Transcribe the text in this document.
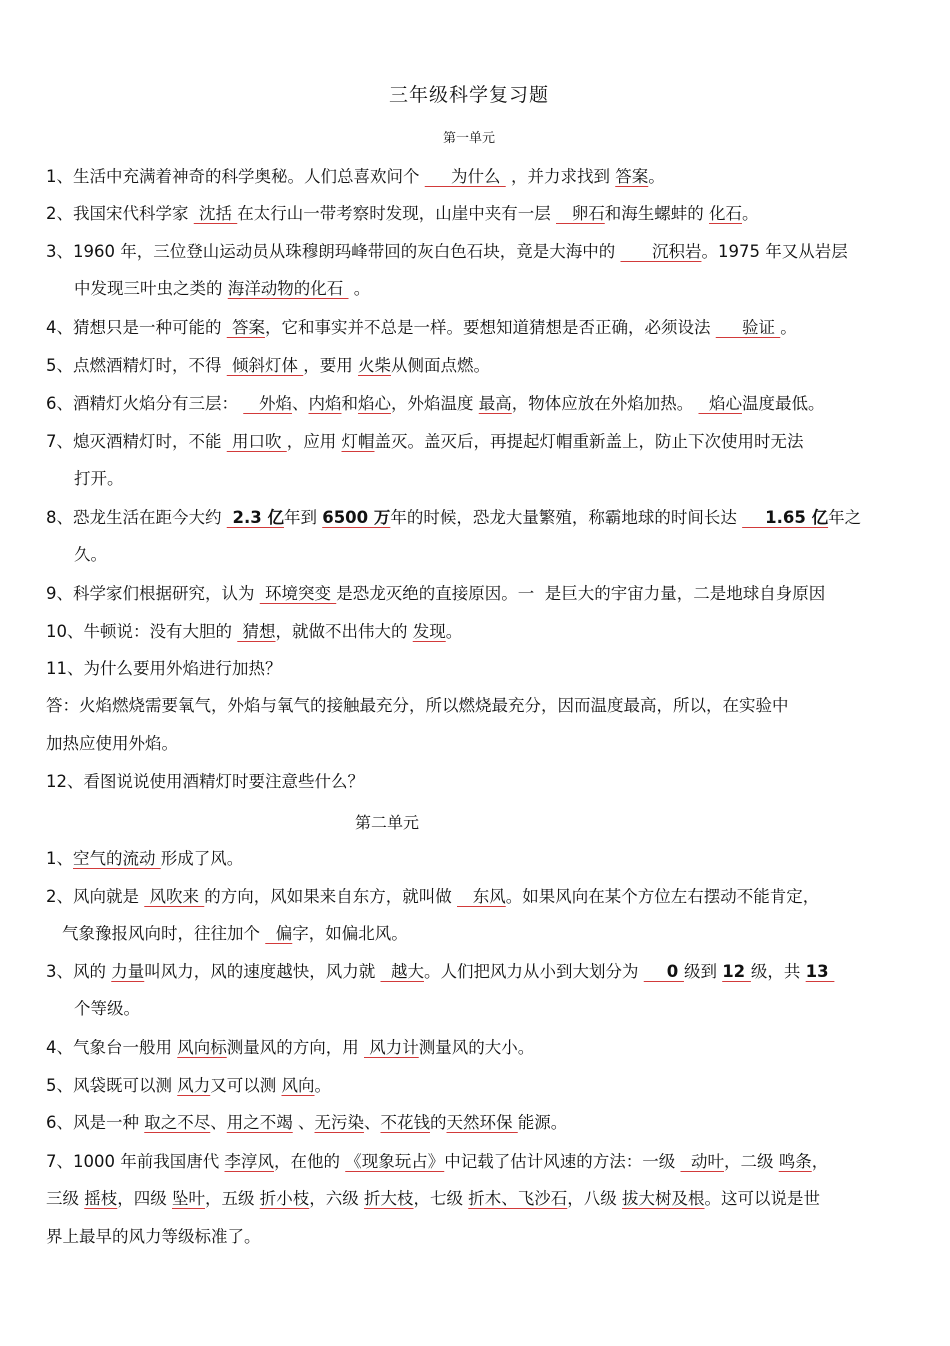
三年级科学复习题
第一单元
第二单元
1、生活中充满着神奇的科学奥秘。人们总喜欢问个      为什么  ，并力求找到 答案。
2、我国宋代科学家  沈括 在太行山一带考察时发现，山崖中夹有一层    卵石和海生螺蚌的 化石。
3、1960 年，三位登山运动员从珠穆朗玛峰带回的灰白色石块，竟是大海中的       沉积岩。1975 年又从岩层
中发现三叶虫之类的 海洋动物的化石  。
4、猜想只是一种可能的  答案，它和事实并不总是一样。要想知道猜想是否正确，必须设法      验证 。
5、点燃酒精灯时，不得  倾斜灯体 ，要用 火柴从侧面点燃。
6、酒精灯火焰分有三层：    外焰、内焰和焰心，外焰温度 最高，物体应放在外焰加热。   焰心温度最低。
7、熄灭酒精灯时，不能  用口吹 ，应用 灯帽盖灭。盖灭后，再提起灯帽重新盖上，防止下次使用时无法
打开。
8、恐龙生活在距今大约  2.3 亿年到 6500 万年的时候，恐龙大量繁殖，称霸地球的时间长达     1.65 亿年之
久。
9、科学家们根据研究，认为  环境突变 是恐龙灭绝的直接原因。一  是巨大的宇宙力量，二是地球自身原因
10、牛顿说：没有大胆的  猜想，就做不出伟大的 发现。
11、为什么要用外焰进行加热？
答：火焰燃烧需要氧气，外焰与氧气的接触最充分，所以燃烧最充分，因而温度最高，所以，在实验中
加热应使用外焰。
12、看图说说使用酒精灯时要注意些什么？
1、空气的流动 形成了风。
2、风向就是  风吹来 的方向，风如果来自东方，就叫做    东风。如果风向在某个方位左右摆动不能肯定，
气象豫报风向时，往往加个   偏字，如偏北风。
3、风的 力量叫风力，风的速度越快，风力就   越大。人们把风力从小到大划分为     0 级到 12 级，共 13
个等级。
4、气象台一般用 风向标测量风的方向，用  风力计测量风的大小。
5、风袋既可以测 风力又可以测 风向。
6、风是一种 取之不尽、用之不竭 、无污染、不花钱的天然环保 能源。
7、1000 年前我国唐代 李淳风，在他的 《现象玩占》中记载了估计风速的方法：一级   动叶，二级 鸣条，
三级 摇枝，四级 坠叶，五级 折小枝，六级 折大枝，七级 折木、飞沙石，八级 拔大树及根。这可以说是世
界上最早的风力等级标准了。
